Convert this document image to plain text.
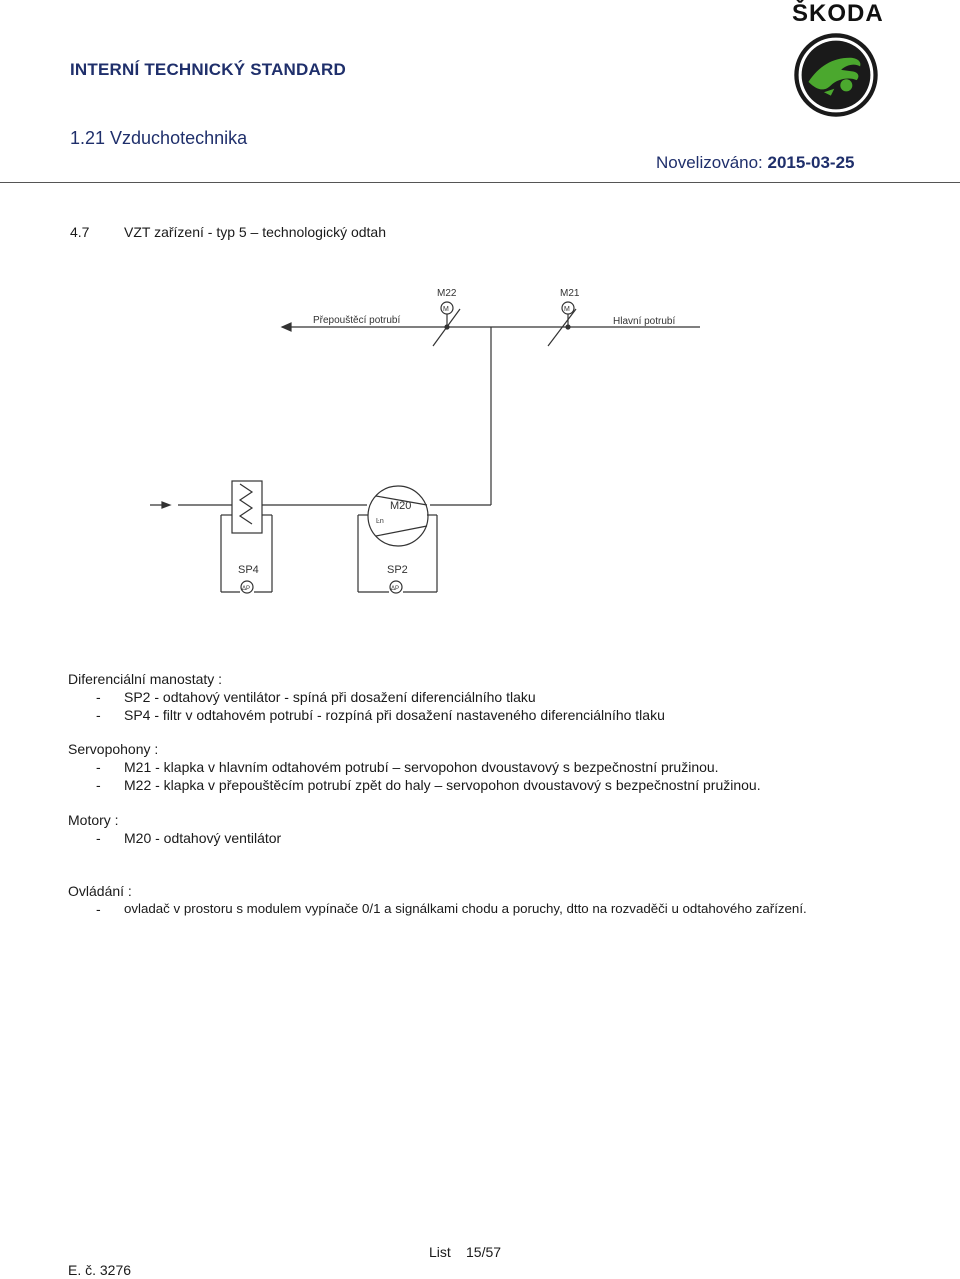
ŠKODA
INTERNÍ TECHNICKÝ STANDARD
1.21 Vzduchotechnika
Novelizováno: 2015-03-25
4.7 VZT zařízení - typ 5 – technologický odtah
Přepouštěcí potrubí	Hlavní potrubí
M22
M
M21
M
M20
Ŀn
ΔP
SP4
ΔP
SP2
Diferenciální manostaty :
- SP2 - odtahový ventilátor - spíná při dosažení diferenciálního tlaku
- SP4 - filtr v odtahovém potrubí - rozpíná při dosažení nastaveného diferenciálního tlaku
Servopohony :
- M21 - klapka v hlavním odtahovém potrubí – servopohon dvoustavový s bezpečnostní pružinou.
- M22 - klapka v přepouštěcím potrubí zpět do haly – servopohon dvoustavový s bezpečnostní pružinou.
Motory :
- M20 - odtahový ventilátor
Ovládání :
- ovladač v prostoru s modulem vypínače 0/1 a signálkami chodu a poruchy, dtto na rozvaděči u odtahového zařízení.
List 15/57
E. č. 3276
